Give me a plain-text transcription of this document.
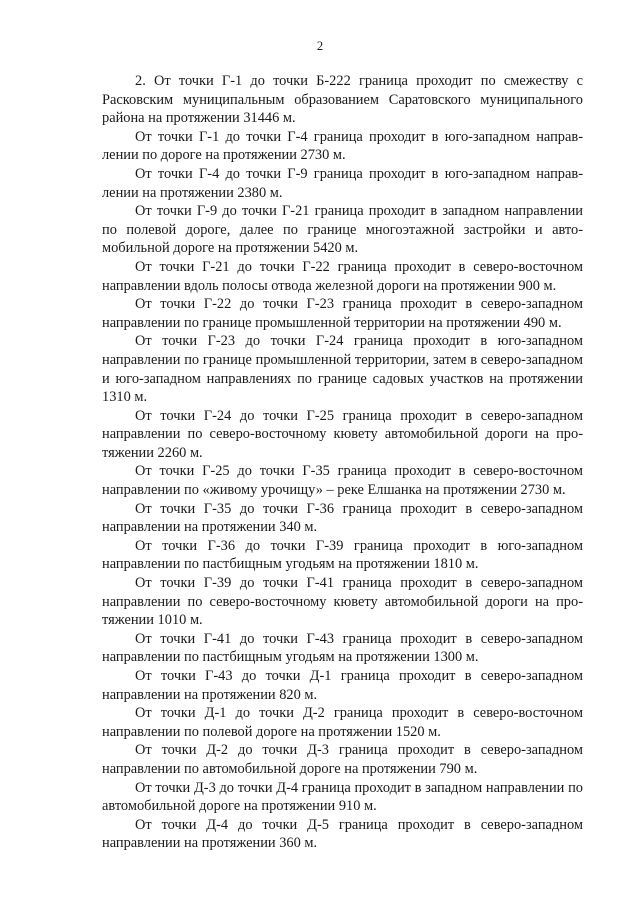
2

2. От точки Г-1 до точки Б-222 граница проходит по смежеству с Расковским муниципальным образованием Саратовского муниципального района на протяжении 31446 м.

От точки Г-1 до точки Г-4 граница проходит в юго-западном направлении по дороге на протяжении 2730 м.

От точки Г-4 до точки Г-9 граница проходит в юго-западном направлении на протяжении 2380 м.

От точки Г-9 до точки Г-21 граница проходит в западном направлении по полевой дороге, далее по границе многоэтажной застройки и автомобильной дороге на протяжении 5420 м.

От точки Г-21 до точки Г-22 граница проходит в северо-восточном направлении вдоль полосы отвода железной дороги на протяжении 900 м.

От точки Г-22 до точки Г-23 граница проходит в северо-западном направлении по границе промышленной территории на протяжении 490 м.

От точки Г-23 до точки Г-24 граница проходит в юго-западном направлении по границе промышленной территории, затем в северо-западном и юго-западном направлениях по границе садовых участков на протяжении 1310 м.

От точки Г-24 до точки Г-25 граница проходит в северо-западном направлении по северо-восточному кювету автомобильной дороги на протяжении 2260 м.

От точки Г-25 до точки Г-35 граница проходит в северо-восточном направлении по «живому урочищу» – реке Елшанка на протяжении 2730 м.

От точки Г-35 до точки Г-36 граница проходит в северо-западном направлении на протяжении 340 м.

От точки Г-36 до точки Г-39 граница проходит в юго-западном направлении по пастбищным угодьям на протяжении 1810 м.

От точки Г-39 до точки Г-41 граница проходит в северо-западном направлении по северо-восточному кювету автомобильной дороги на протяжении 1010 м.

От точки Г-41 до точки Г-43 граница проходит в северо-западном направлении по пастбищным угодьям на протяжении 1300 м.

От точки Г-43 до точки Д-1 граница проходит в северо-западном направлении на протяжении 820 м.

От точки Д-1 до точки Д-2 граница проходит в северо-восточном направлении по полевой дороге на протяжении 1520 м.

От точки Д-2 до точки Д-3 граница проходит в северо-западном направлении по автомобильной дороге на протяжении 790 м.

От точки Д-3 до точки Д-4 граница проходит в западном направлении по автомобильной дороге на протяжении 910 м.

От точки Д-4 до точки Д-5 граница проходит в северо-западном направлении на протяжении 360 м.
